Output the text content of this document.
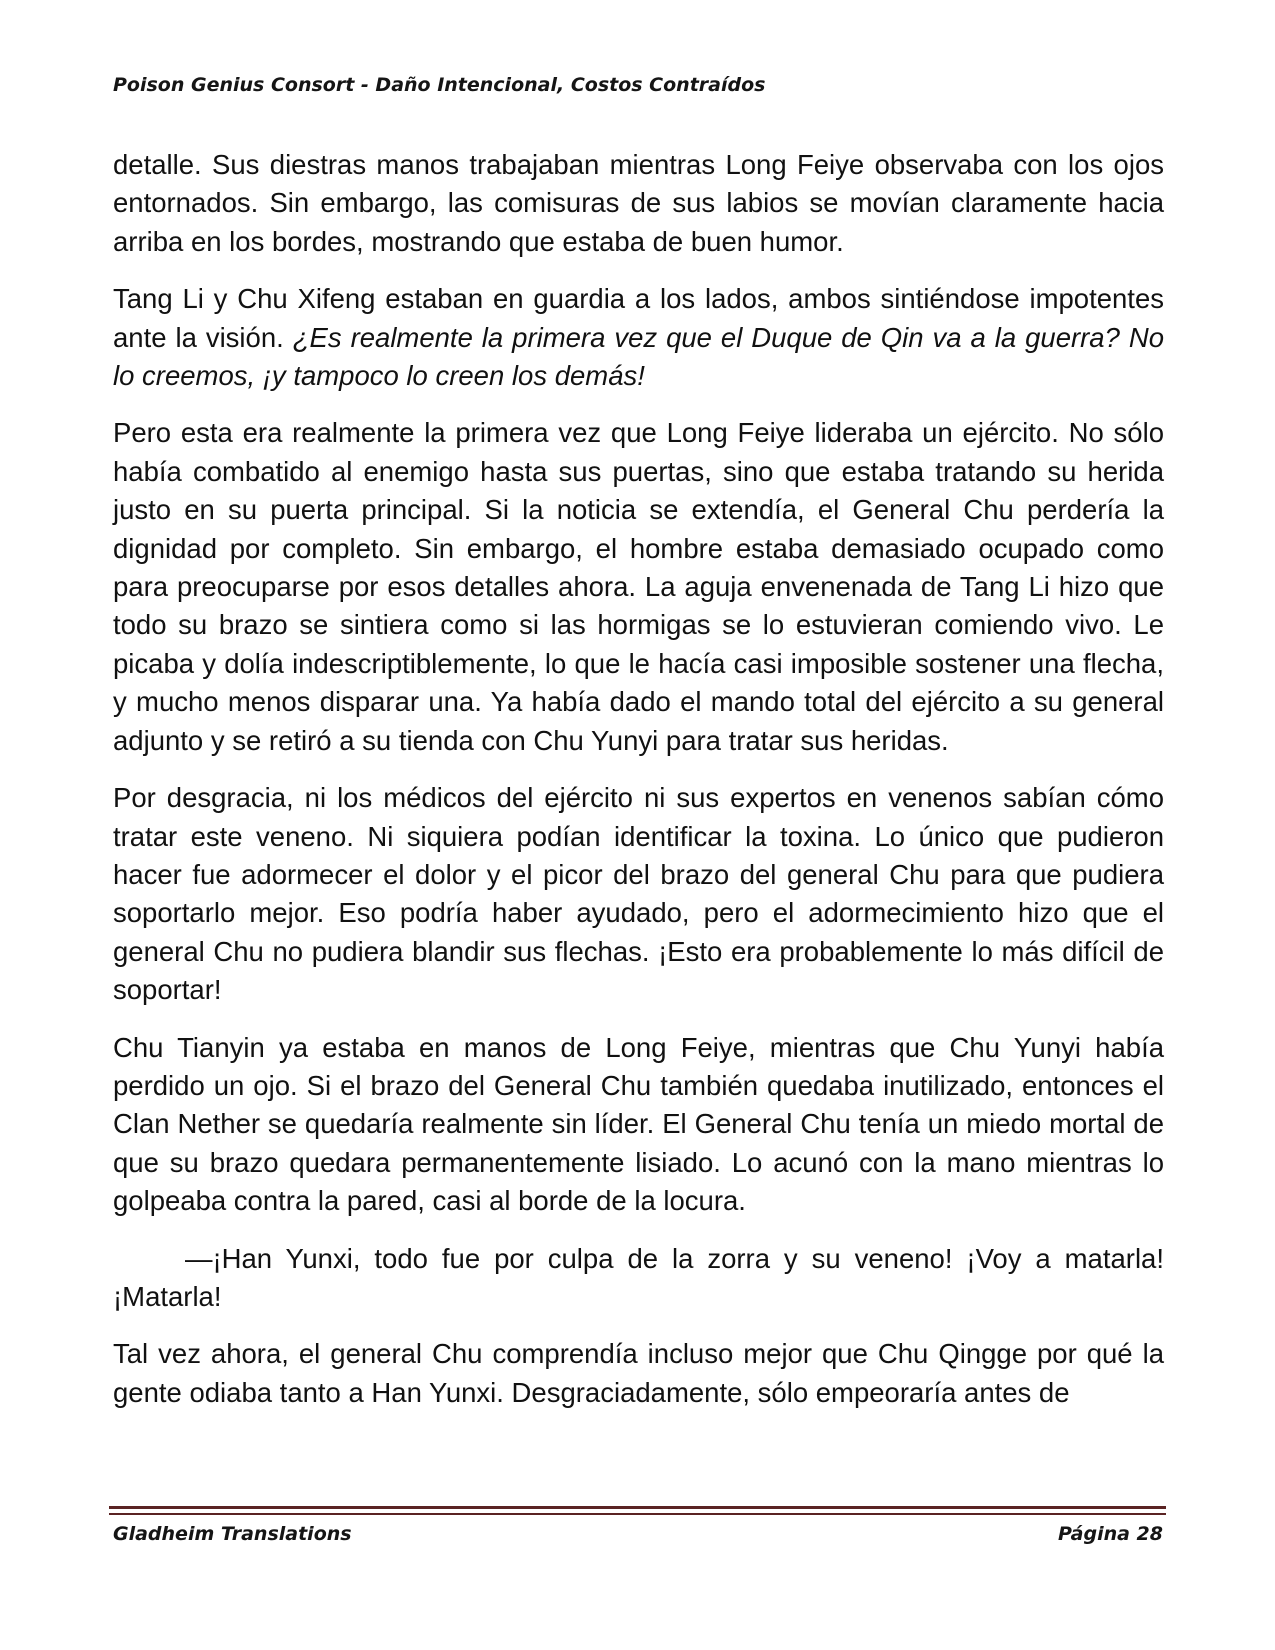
Poison Genius Consort - Daño Intencional, Costos Contraídos

detalle. Sus diestras manos trabajaban mientras Long Feiye observaba con los ojos entornados. Sin embargo, las comisuras de sus labios se movían claramente hacia arriba en los bordes, mostrando que estaba de buen humor.

Tang Li y Chu Xifeng estaban en guardia a los lados, ambos sintiéndose impotentes ante la visión. ¿Es realmente la primera vez que el Duque de Qin va a la guerra? No lo creemos, ¡y tampoco lo creen los demás!

Pero esta era realmente la primera vez que Long Feiye lideraba un ejército. No sólo había combatido al enemigo hasta sus puertas, sino que estaba tratando su herida justo en su puerta principal. Si la noticia se extendía, el General Chu perdería la dignidad por completo. Sin embargo, el hombre estaba demasiado ocupado como para preocuparse por esos detalles ahora. La aguja envenenada de Tang Li hizo que todo su brazo se sintiera como si las hormigas se lo estuvieran comiendo vivo. Le picaba y dolía indescriptiblemente, lo que le hacía casi imposible sostener una flecha, y mucho menos disparar una. Ya había dado el mando total del ejército a su general adjunto y se retiró a su tienda con Chu Yunyi para tratar sus heridas.

Por desgracia, ni los médicos del ejército ni sus expertos en venenos sabían cómo tratar este veneno. Ni siquiera podían identificar la toxina. Lo único que pudieron hacer fue adormecer el dolor y el picor del brazo del general Chu para que pudiera soportarlo mejor. Eso podría haber ayudado, pero el adormecimiento hizo que el general Chu no pudiera blandir sus flechas. ¡Esto era probablemente lo más difícil de soportar!

Chu Tianyin ya estaba en manos de Long Feiye, mientras que Chu Yunyi había perdido un ojo. Si el brazo del General Chu también quedaba inutilizado, entonces el Clan Nether se quedaría realmente sin líder. El General Chu tenía un miedo mortal de que su brazo quedara permanentemente lisiado. Lo acunó con la mano mientras lo golpeaba contra la pared, casi al borde de la locura.

—¡Han Yunxi, todo fue por culpa de la zorra y su veneno! ¡Voy a matarla! ¡Matarla!

Tal vez ahora, el general Chu comprendía incluso mejor que Chu Qingge por qué la gente odiaba tanto a Han Yunxi. Desgraciadamente, sólo empeoraría antes de

Gladheim Translations	Página 28
